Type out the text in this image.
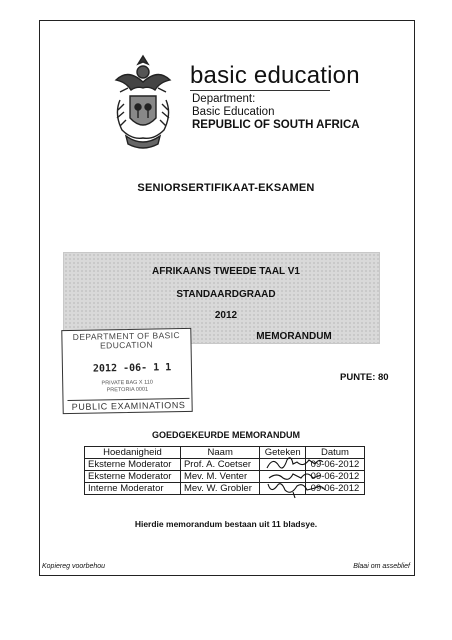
basic education
Department:
Basic Education
REPUBLIC OF SOUTH AFRICA
SENIORSERTIFIKAAT-EKSAMEN
AFRIKAANS TWEEDE TAAL V1
STANDAARDGRAAD
2012
DEPARTMENT OF BASIC
EDUCATION
2012 -06- 1 1
PRIVATE BAG X 110
PRETORIA 0001
PUBLIC EXAMINATIONS
MEMORANDUM
PUNTE: 80
GOEDGEKEURDE MEMORANDUM
Hoedanigheid	Naam	Geteken	Datum
Eksterne Moderator	Prof. A. Coetser		09-06-2012
Eksterne Moderator	Mev. M. Venter		09-06-2012
Interne Moderator	Mev. W. Grobler		09-06-2012
Hierdie memorandum bestaan uit 11 bladsye.
Kopiereg voorbehou	Blaai om asseblief
